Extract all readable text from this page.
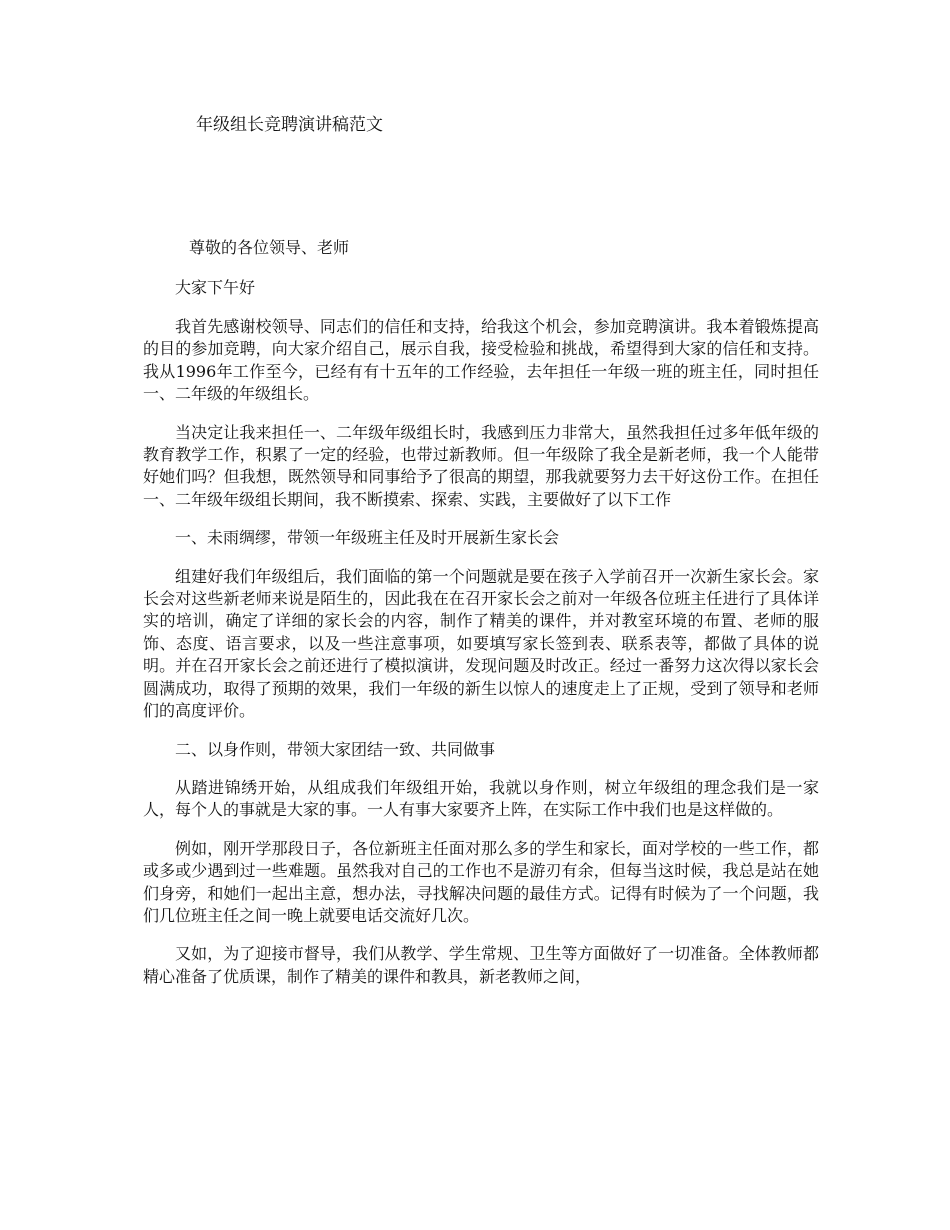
年级组长竞聘演讲稿范文

尊敬的各位领导、老师

大家下午好

我首先感谢校领导、同志们的信任和支持，给我这个机会，参加竞聘演讲。我本着锻炼提高的目的参加竞聘，向大家介绍自己，展示自我，接受检验和挑战，希望得到大家的信任和支持。我从1996年工作至今，已经有有十五年的工作经验，去年担任一年级一班的班主任，同时担任一、二年级的年级组长。

当决定让我来担任一、二年级年级组长时，我感到压力非常大，虽然我担任过多年低年级的教育教学工作，积累了一定的经验，也带过新教师。但一年级除了我全是新老师，我一个人能带好她们吗？但我想，既然领导和同事给予了很高的期望，那我就要努力去干好这份工作。在担任一、二年级年级组长期间，我不断摸索、探索、实践，主要做好了以下工作

一、未雨绸缪，带领一年级班主任及时开展新生家长会

组建好我们年级组后，我们面临的第一个问题就是要在孩子入学前召开一次新生家长会。家长会对这些新老师来说是陌生的，因此我在在召开家长会之前对一年级各位班主任进行了具体详实的培训，确定了详细的家长会的内容，制作了精美的课件，并对教室环境的布置、老师的服饰、态度、语言要求，以及一些注意事项，如要填写家长签到表、联系表等，都做了具体的说明。并在召开家长会之前还进行了模拟演讲，发现问题及时改正。经过一番努力这次得以家长会圆满成功，取得了预期的效果，我们一年级的新生以惊人的速度走上了正规，受到了领导和老师们的高度评价。

二、以身作则，带领大家团结一致、共同做事

从踏进锦绣开始，从组成我们年级组开始，我就以身作则，树立年级组的理念我们是一家人，每个人的事就是大家的事。一人有事大家要齐上阵，在实际工作中我们也是这样做的。

例如，刚开学那段日子，各位新班主任面对那么多的学生和家长，面对学校的一些工作，都或多或少遇到过一些难题。虽然我对自己的工作也不是游刃有余，但每当这时候，我总是站在她们身旁，和她们一起出主意，想办法，寻找解决问题的最佳方式。记得有时候为了一个问题，我们几位班主任之间一晚上就要电话交流好几次。

又如，为了迎接市督导，我们从教学、学生常规、卫生等方面做好了一切准备。全体教师都精心准备了优质课，制作了精美的课件和教具，新老教师之间，
